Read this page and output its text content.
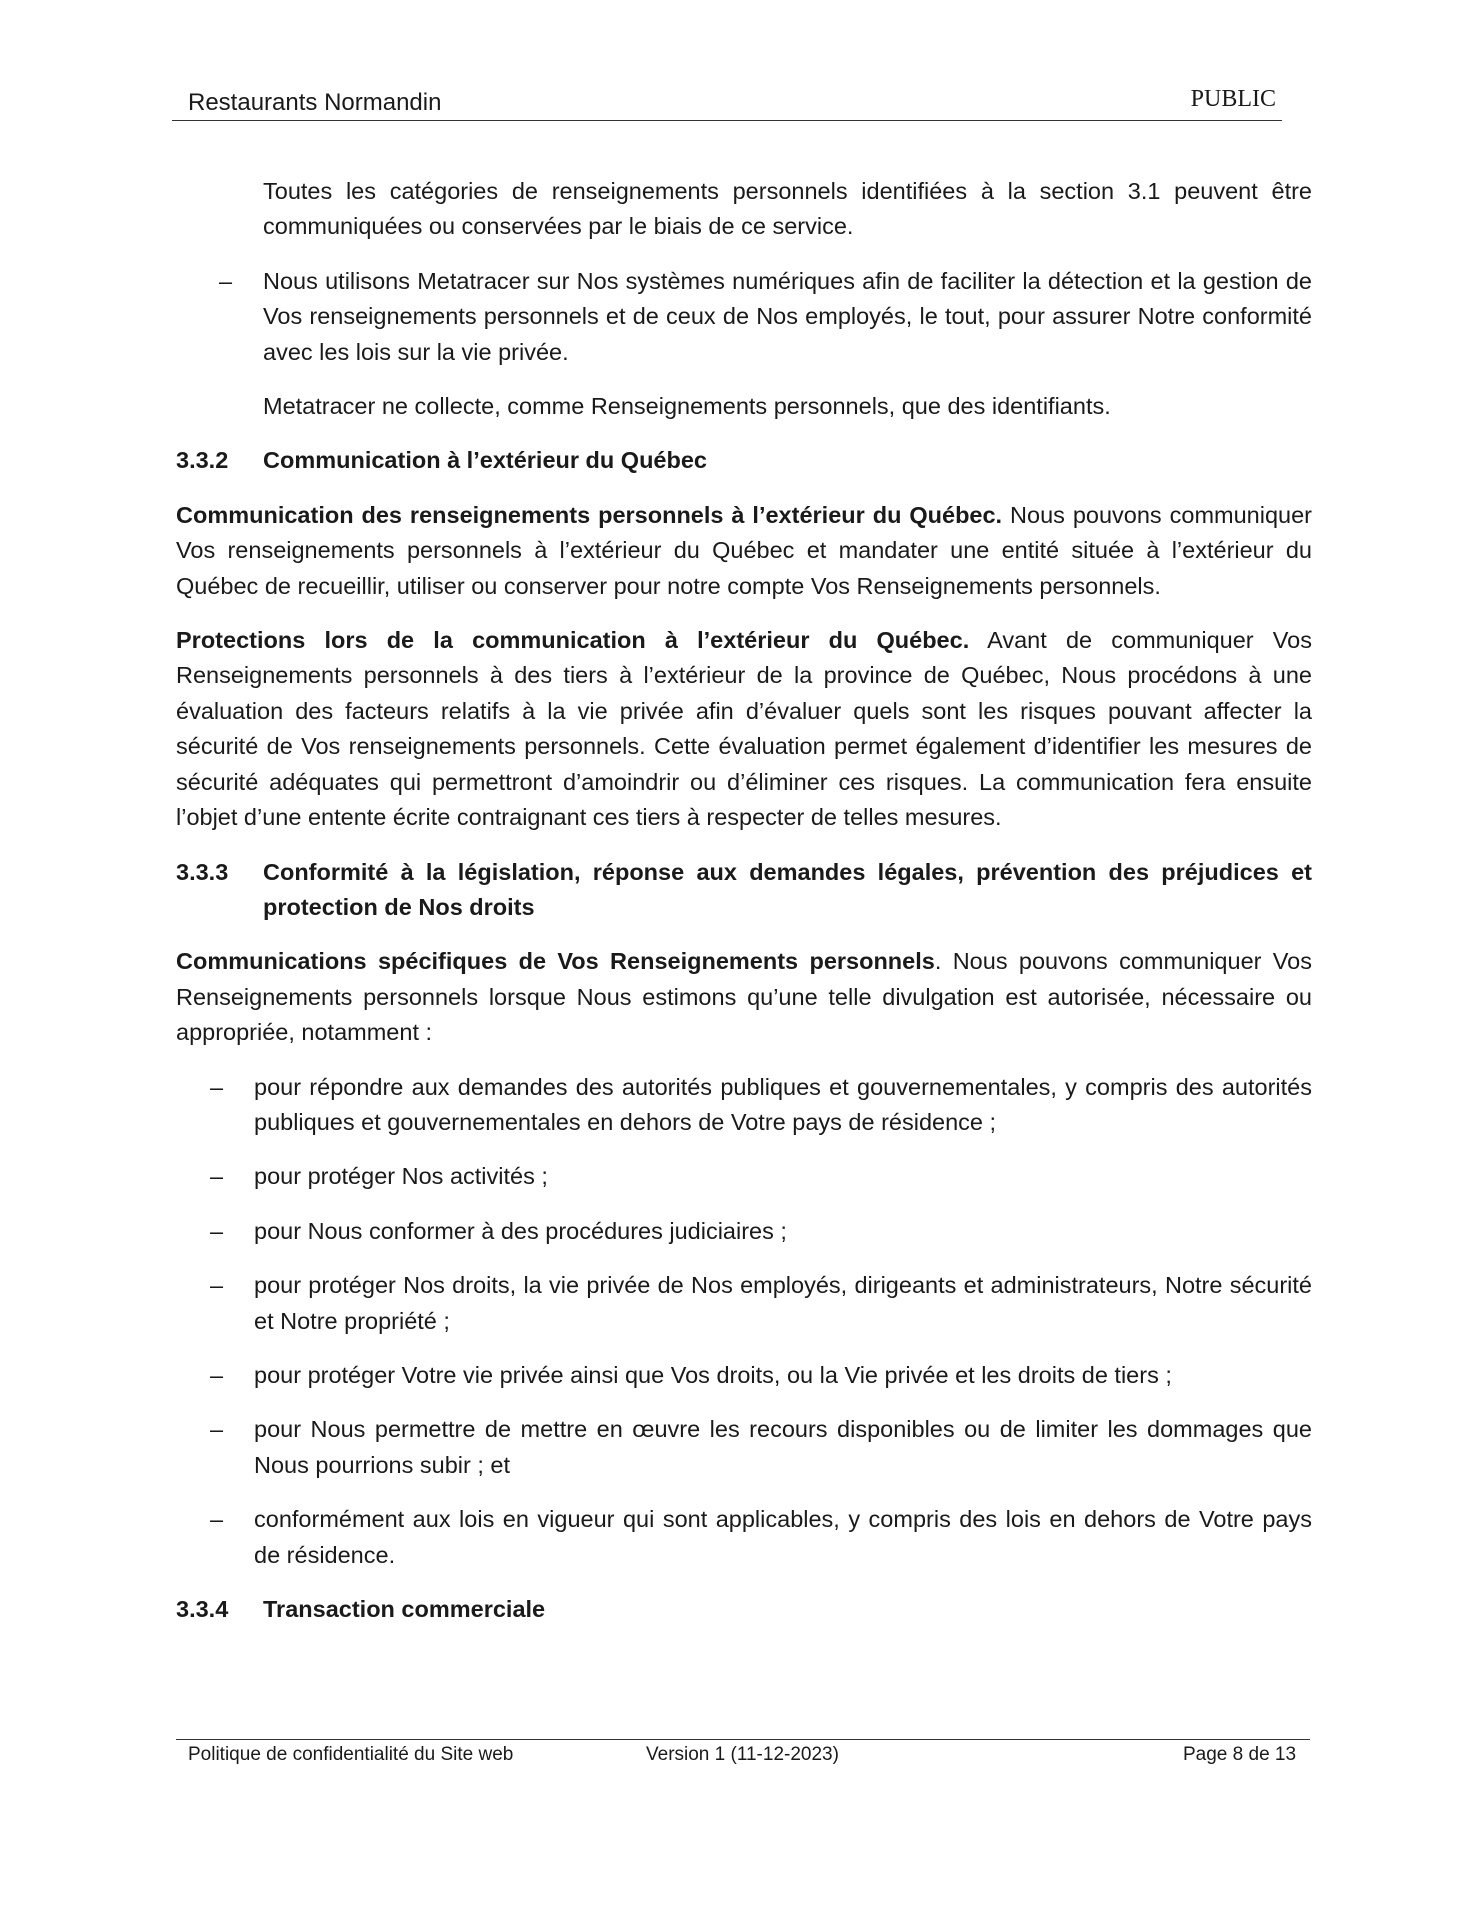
Restaurants Normandin	PUBLIC

Toutes les catégories de renseignements personnels identifiées à la section 3.1 peuvent être communiquées ou conservées par le biais de ce service.

– Nous utilisons Metatracer sur Nos systèmes numériques afin de faciliter la détection et la gestion de Vos renseignements personnels et de ceux de Nos employés, le tout, pour assurer Notre conformité avec les lois sur la vie privée.

Metatracer ne collecte, comme Renseignements personnels, que des identifiants.

3.3.2 Communication à l’extérieur du Québec

Communication des renseignements personnels à l’extérieur du Québec. Nous pouvons communiquer Vos renseignements personnels à l’extérieur du Québec et mandater une entité située à l’extérieur du Québec de recueillir, utiliser ou conserver pour notre compte Vos Renseignements personnels.

Protections lors de la communication à l’extérieur du Québec. Avant de communiquer Vos Renseignements personnels à des tiers à l’extérieur de la province de Québec, Nous procédons à une évaluation des facteurs relatifs à la vie privée afin d’évaluer quels sont les risques pouvant affecter la sécurité de Vos renseignements personnels. Cette évaluation permet également d’identifier les mesures de sécurité adéquates qui permettront d’amoindrir ou d’éliminer ces risques. La communication fera ensuite l’objet d’une entente écrite contraignant ces tiers à respecter de telles mesures.

3.3.3 Conformité à la législation, réponse aux demandes légales, prévention des préjudices et protection de Nos droits

Communications spécifiques de Vos Renseignements personnels. Nous pouvons communiquer Vos Renseignements personnels lorsque Nous estimons qu’une telle divulgation est autorisée, nécessaire ou appropriée, notamment :

– pour répondre aux demandes des autorités publiques et gouvernementales, y compris des autorités publiques et gouvernementales en dehors de Votre pays de résidence ;

– pour protéger Nos activités ;

– pour Nous conformer à des procédures judiciaires ;

– pour protéger Nos droits, la vie privée de Nos employés, dirigeants et administrateurs, Notre sécurité et Notre propriété ;

– pour protéger Votre vie privée ainsi que Vos droits, ou la Vie privée et les droits de tiers ;

– pour Nous permettre de mettre en œuvre les recours disponibles ou de limiter les dommages que Nous pourrions subir ; et

– conformément aux lois en vigueur qui sont applicables, y compris des lois en dehors de Votre pays de résidence.

3.3.4 Transaction commerciale

Politique de confidentialité du Site web	Version 1 (11-12-2023)	Page 8 de 13
